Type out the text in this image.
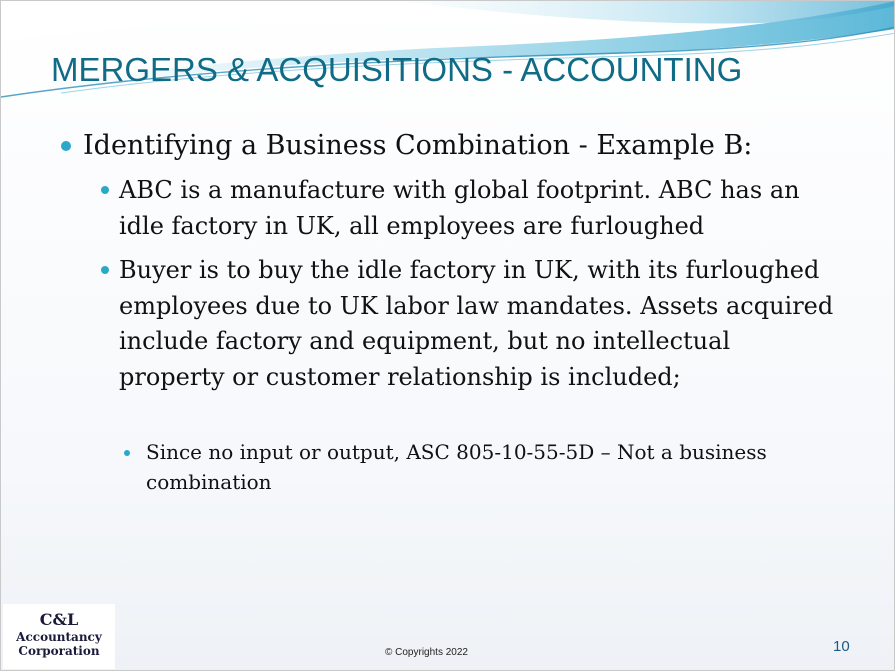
MERGERS & ACQUISITIONS - ACCOUNTING
Identifying a Business Combination - Example B:
ABC is a manufacture with global footprint. ABC has an idle factory in UK, all employees are furloughed
Buyer is to buy the idle factory in UK, with its furloughed employees due to UK labor law mandates. Assets acquired include factory and equipment, but no intellectual property or customer relationship is included;
Since no input or output, ASC 805-10-55-5D – Not a business combination
C&L
Accountancy
Corporation	© Copyrights 2022	10
